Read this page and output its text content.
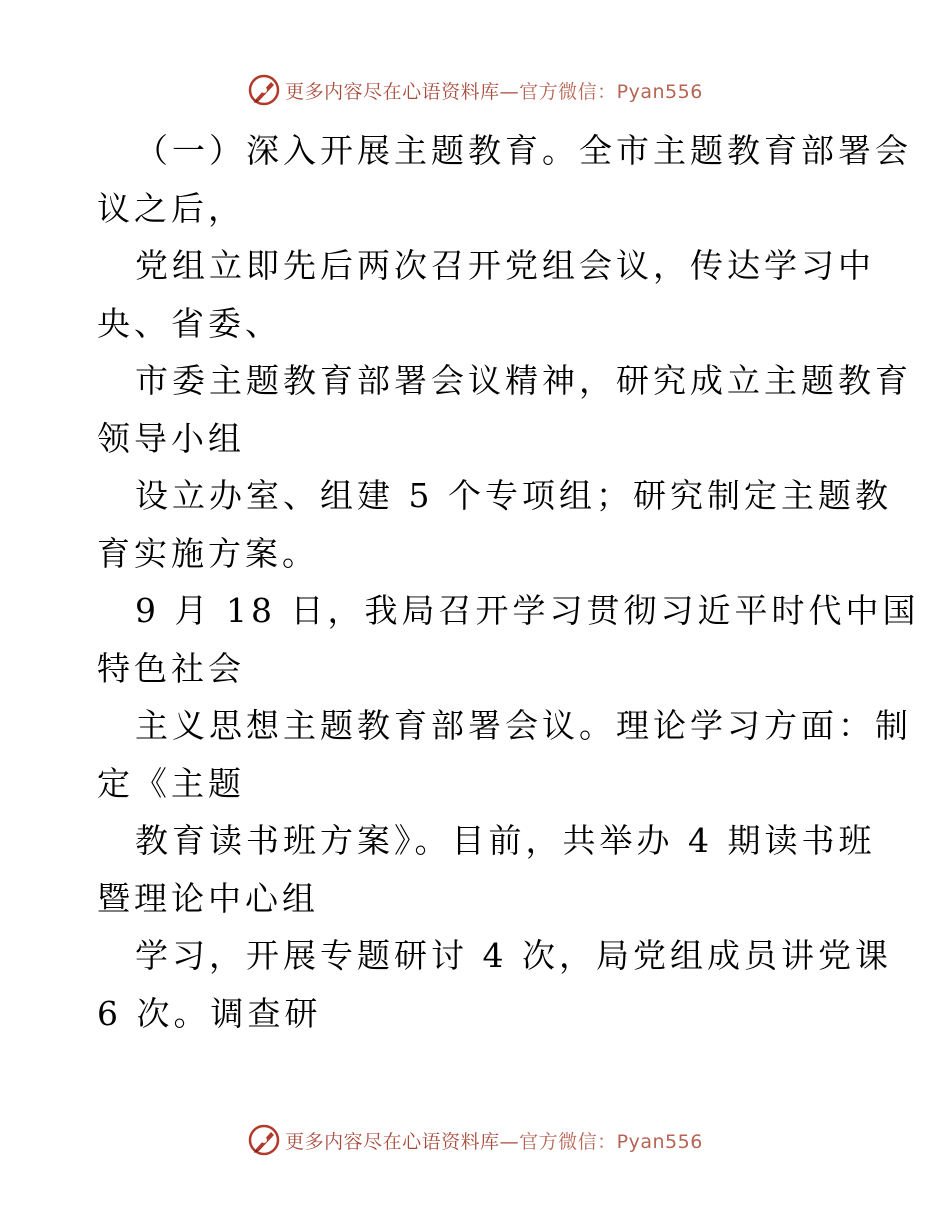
更多内容尽在心语资料库—官方微信：Pyan556
（一）深入开展主题教育。全市主题教育部署会
议之后，
党组立即先后两次召开党组会议，传达学习中
央、省委、
市委主题教育部署会议精神，研究成立主题教育
领导小组
设立办室、组建 5 个专项组；研究制定主题教
育实施方案。
9 月 18 日，我局召开学习贯彻习近平时代中国
特色社会
主义思想主题教育部署会议。理论学习方面：制
定《主题
教育读书班方案》。目前，共举办 4 期读书班
暨理论中心组
学习，开展专题研讨 4 次，局党组成员讲党课
6 次。调查研
更多内容尽在心语资料库—官方微信：Pyan556
